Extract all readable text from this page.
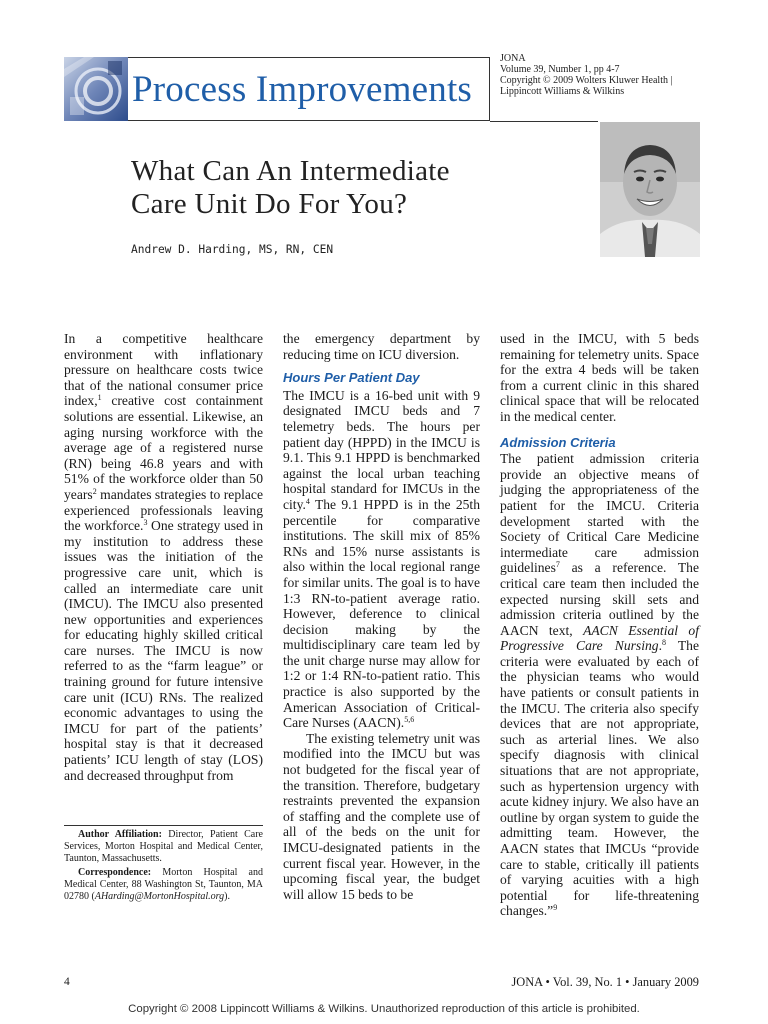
Process Improvements
JONA
Volume 39, Number 1, pp 4-7
Copyright © 2009 Wolters Kluwer Health |
Lippincott Williams & Wilkins
What Can An Intermediate
Care Unit Do For You?
Andrew D. Harding, MS, RN, CEN

In a competitive healthcare environment with inflationary pressure on healthcare costs twice that of the national consumer price index,$^1$ creative cost containment solutions are essential. Likewise, an aging nursing workforce with the average age of a registered nurse (RN) being 46.8 years and with 51% of the workforce older than 50 years$^2$ mandates strategies to replace experienced professionals leaving the workforce.$^3$ One strategy used in my institution to address these issues was the initiation of the progressive care unit, which is called an intermediate care unit (IMCU). The IMCU also presented new opportunities and experiences for educating highly skilled critical care nurses. The IMCU is now referred to as the “farm league” or training ground for future intensive care unit (ICU) RNs. The realized economic advantages to using the IMCU for part of the patients’ hospital stay is that it decreased patients’ ICU length of stay (LOS) and decreased throughput from

the emergency department by reducing time on ICU diversion.

Hours Per Patient Day

The IMCU is a 16-bed unit with 9 designated IMCU beds and 7 telemetry beds. The hours per patient day (HPPD) in the IMCU is 9.1. This 9.1 HPPD is benchmarked against the local urban teaching hospital standard for IMCUs in the city.$^4$ The 9.1 HPPD is in the 25th percentile for comparative institutions. The skill mix of 85% RNs and 15% nurse assistants is also within the local regional range for similar units. The goal is to have 1:3 RN-to-patient average ratio. However, deference to clinical decision making by the multidisciplinary care team led by the unit charge nurse may allow for 1:2 or 1:4 RN-to-patient ratio. This practice is also supported by the American Association of Critical-Care Nurses (AACN).$^{5,6}$

The existing telemetry unit was modified into the IMCU but was not budgeted for the fiscal year of the transition. Therefore, budgetary restraints prevented the expansion of staffing and the complete use of all of the beds on the unit for IMCU-designated patients in the current fiscal year. However, in the upcoming fiscal year, the budget will allow 15 beds to be

used in the IMCU, with 5 beds remaining for telemetry units. Space for the extra 4 beds will be taken from a current clinic in this shared clinical space that will be relocated in the medical center.

Admission Criteria

The patient admission criteria provide an objective means of judging the appropriateness of the patient for the IMCU. Criteria development started with the Society of Critical Care Medicine intermediate care admission guidelines$^7$ as a reference. The critical care team then included the expected nursing skill sets and admission criteria outlined by the AACN text, AACN Essential of Progressive Care Nursing.$^8$ The criteria were evaluated by each of the physician teams who would have patients or consult patients in the IMCU. The criteria also specify devices that are not appropriate, such as arterial lines. We also specify diagnosis with clinical situations that are not appropriate, such as hypertension urgency with acute kidney injury. We also have an outline by organ system to guide the admitting team. However, the AACN states that IMCUs “provide care to stable, critically ill patients of varying acuities with a high potential for life-threatening changes.”$^9$

Author Affiliation: Director, Patient Care Services, Morton Hospital and Medical Center, Taunton, Massachusetts.

Correspondence: Morton Hospital and Medical Center, 88 Washington St, Taunton, MA 02780 (AHarding@MortonHospital.org).

4	JONA • Vol. 39, No. 1 • January 2009
Copyright © 2008 Lippincott Williams & Wilkins. Unauthorized reproduction of this article is prohibited.
